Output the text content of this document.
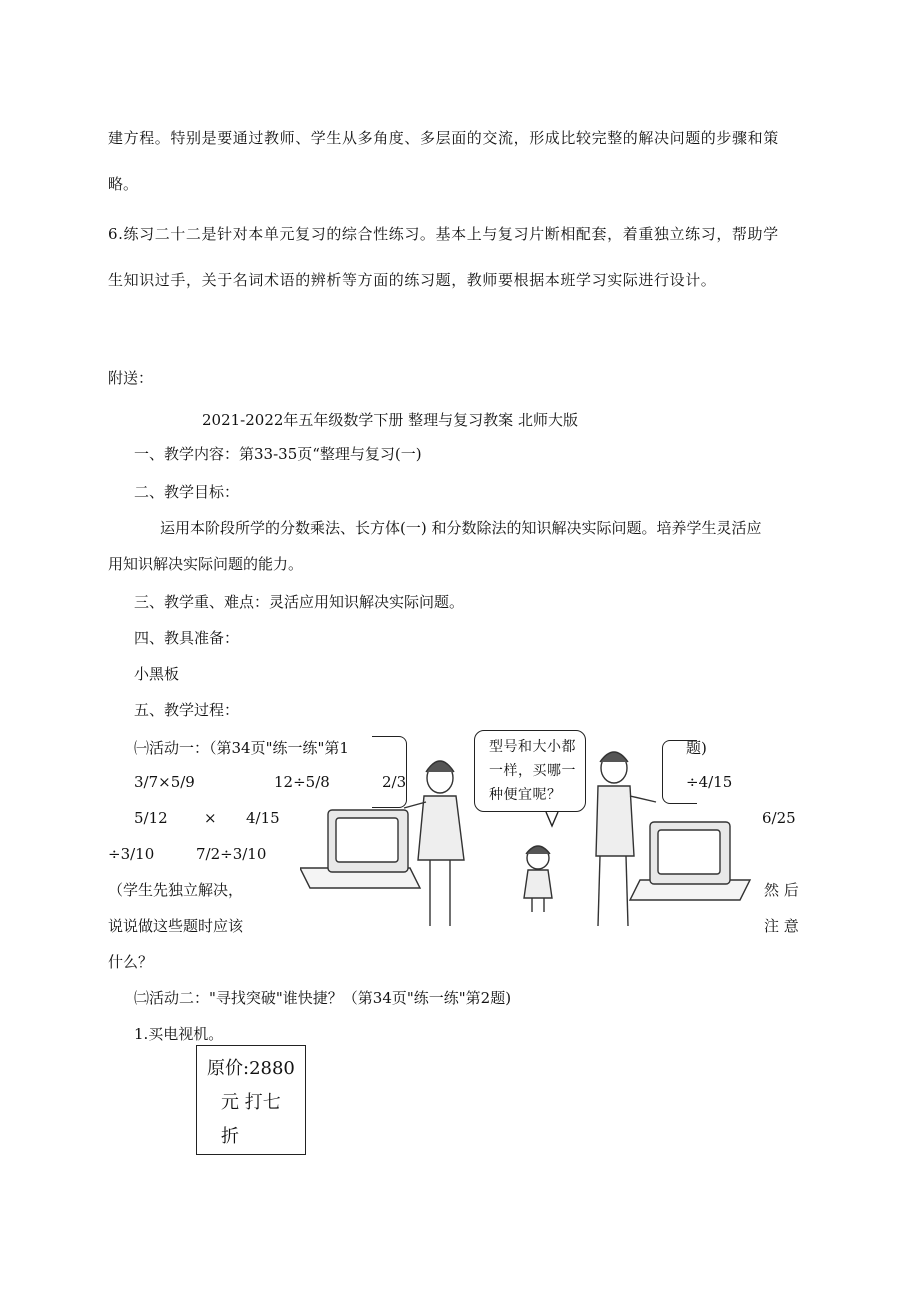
建方程。特别是要通过教师、学生从多角度、多层面的交流，形成比较完整的解决问题的步骤和策
略。
6.练习二十二是针对本单元复习的综合性练习。基本上与复习片断相配套，着重独立练习，帮助学
生知识过手，关于名词术语的辨析等方面的练习题，教师要根据本班学习实际进行设计。
附送：
2021-2022年五年级数学下册 整理与复习教案 北师大版
一、教学内容：第33-35页“整理与复习(一)
二、教学目标：
运用本阶段所学的分数乘法、长方体(一) 和分数除法的知识解决实际问题。培养学生灵活应
用知识解决实际问题的能力。
三、教学重、难点：灵活应用知识解决实际问题。
四、教具准备：
小黑板
五、教学过程：
型号和大小都一样，买哪一种便宜呢？
㈠活动一：（第34页"练一练"第1	题)
3/7×5/9	12÷5/8	2/3	÷4/15
5/12 × 4/15	6/25
÷3/10	7/2÷3/10
（学生先独立解决，	然 后
说说做这些题时应该	注 意
什么？
㈡活动二："寻找突破"谁快捷？（第34页"练一练"第2题)
1.买电视机。
原价:2880
元 打七
折
